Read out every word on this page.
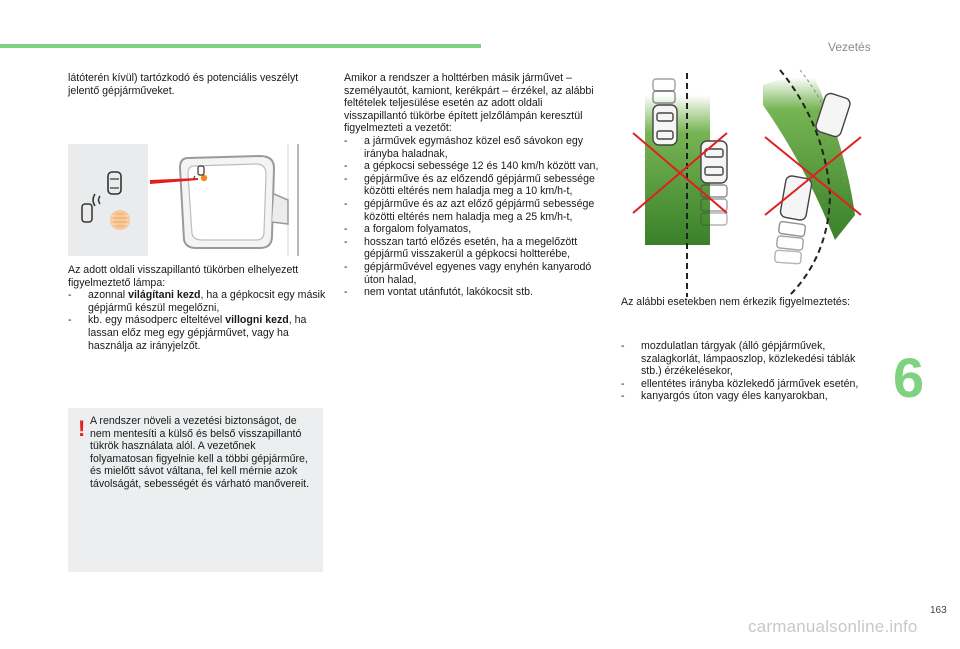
Vezetés

látóterén kívül) tartózkodó és potenciális veszélyt jelentő gépjárműveket.

Az adott oldali visszapillantó tükörben elhelyezett figyelmeztető lámpa:

- azonnal világítani kezd, ha a gépkocsit egy másik gépjármű készül megelőzni,
- kb. egy másodperc elteltével villogni kezd, ha lassan előz meg egy gépjárművet, vagy ha használja az irányjelzőt.
! A rendszer növeli a vezetési biztonságot, de nem mentesíti a külső és belső visszapillantó tükrök használata alól. A vezetőnek folyamatosan figyelnie kell a többi gépjárműre, és mielőtt sávot váltana, fel kell mérnie azok távolságát, sebességét és várható manővereit.

Amikor a rendszer a holttérben másik járművet – személyautót, kamiont, kerékpárt – érzékel, az alábbi feltételek teljesülése esetén az adott oldali visszapillantó tükörbe épített jelzőlámpán keresztül figyelmezteti a vezetőt:

- a járművek egymáshoz közel eső sávokon egy irányba haladnak,
- a gépkocsi sebessége 12 és 140 km/h között van,
- gépjárműve és az előzendő gépjármű sebessége közötti eltérés nem haladja meg a 10 km/h-t,
- gépjárműve és az azt előző gépjármű sebessége közötti eltérés nem haladja meg a 25 km/h-t,
- a forgalom folyamatos,
- hosszan tartó előzés esetén, ha a megelőzött gépjármű visszakerül a gépkocsi holtterébe,
- gépjárművével egyenes vagy enyhén kanyarodó úton halad,
- nem vontat utánfutót, lakókocsit stb.

Az alábbi esetekben nem érkezik figyelmeztetés:

- mozdulatlan tárgyak (álló gépjárművek, szalagkorlát, lámpaoszlop, közlekedési táblák stb.) érzékelésekor,
- ellentétes irányba közlekedő járművek esetén,
- kanyargós úton vagy éles kanyarokban,	6
163
carmanualsonline.info
